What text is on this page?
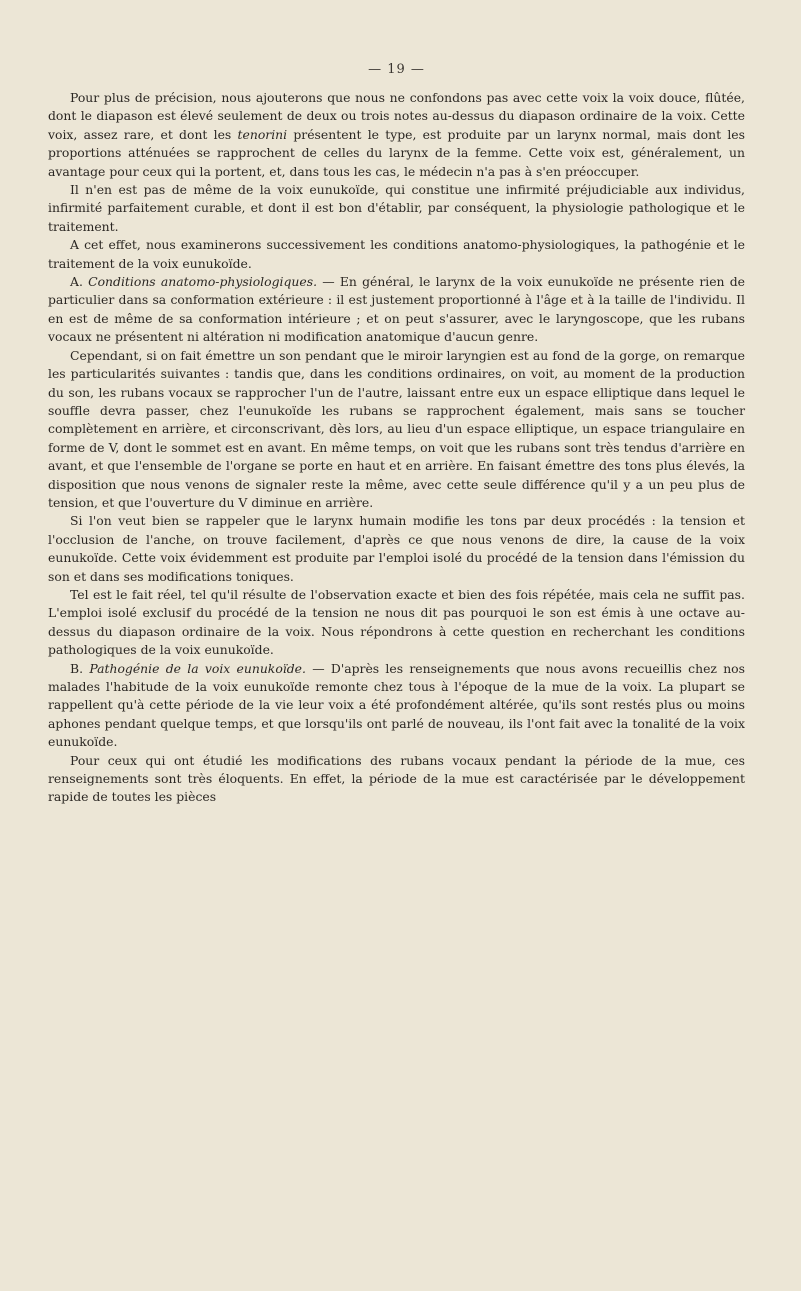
— 19 —

Pour plus de précision, nous ajouterons que nous ne confondons pas avec cette voix la voix douce, flûtée, dont le diapason est élevé seulement de deux ou trois notes au-dessus du diapason ordinaire de la voix. Cette voix, assez rare, et dont les tenorini présentent le type, est produite par un larynx normal, mais dont les proportions atténuées se rapprochent de celles du larynx de la femme. Cette voix est, généralement, un avantage pour ceux qui la portent, et, dans tous les cas, le médecin n'a pas à s'en préoccuper.

Il n'en est pas de même de la voix eunukoïde, qui constitue une infirmité préjudiciable aux individus, infirmité parfaitement curable, et dont il est bon d'établir, par conséquent, la physiologie pathologique et le traitement.

A cet effet, nous examinerons successivement les conditions anatomo-physiologiques, la pathogénie et le traitement de la voix eunukoïde.

A. Conditions anatomo-physiologiques. — En général, le larynx de la voix eunukoïde ne présente rien de particulier dans sa conformation extérieure : il est justement proportionné à l'âge et à la taille de l'individu. Il en est de même de sa conformation intérieure ; et on peut s'assurer, avec le laryngoscope, que les rubans vocaux ne présentent ni altération ni modification anatomique d'aucun genre.

Cependant, si on fait émettre un son pendant que le miroir laryngien est au fond de la gorge, on remarque les particularités suivantes : tandis que, dans les conditions ordinaires, on voit, au moment de la production du son, les rubans vocaux se rapprocher l'un de l'autre, laissant entre eux un espace elliptique dans lequel le souffle devra passer, chez l'eunukoïde les rubans se rapprochent également, mais sans se toucher complètement en arrière, et circonscrivant, dès lors, au lieu d'un espace elliptique, un espace triangulaire en forme de V, dont le sommet est en avant. En même temps, on voit que les rubans sont très tendus d'arrière en avant, et que l'ensemble de l'organe se porte en haut et en arrière. En faisant émettre des tons plus élevés, la disposition que nous venons de signaler reste la même, avec cette seule différence qu'il y a un peu plus de tension, et que l'ouverture du V diminue en arrière.

Si l'on veut bien se rappeler que le larynx humain modifie les tons par deux procédés : la tension et l'occlusion de l'anche, on trouve facilement, d'après ce que nous venons de dire, la cause de la voix eunukoïde. Cette voix évidemment est produite par l'emploi isolé du procédé de la tension dans l'émission du son et dans ses modifications toniques.

Tel est le fait réel, tel qu'il résulte de l'observation exacte et bien des fois répétée, mais cela ne suffit pas. L'emploi isolé exclusif du procédé de la tension ne nous dit pas pourquoi le son est émis à une octave au-dessus du diapason ordinaire de la voix. Nous répondrons à cette question en recherchant les conditions pathologiques de la voix eunukoïde.

B. Pathogénie de la voix eunukoïde. — D'après les renseignements que nous avons recueillis chez nos malades l'habitude de la voix eunukoïde remonte chez tous à l'époque de la mue de la voix. La plupart se rappellent qu'à cette période de la vie leur voix a été profondément altérée, qu'ils sont restés plus ou moins aphones pendant quelque temps, et que lorsqu'ils ont parlé de nouveau, ils l'ont fait avec la tonalité de la voix eunukoïde.

Pour ceux qui ont étudié les modifications des rubans vocaux pendant la période de la mue, ces renseignements sont très éloquents. En effet, la période de la mue est caractérisée par le développement rapide de toutes les pièces
